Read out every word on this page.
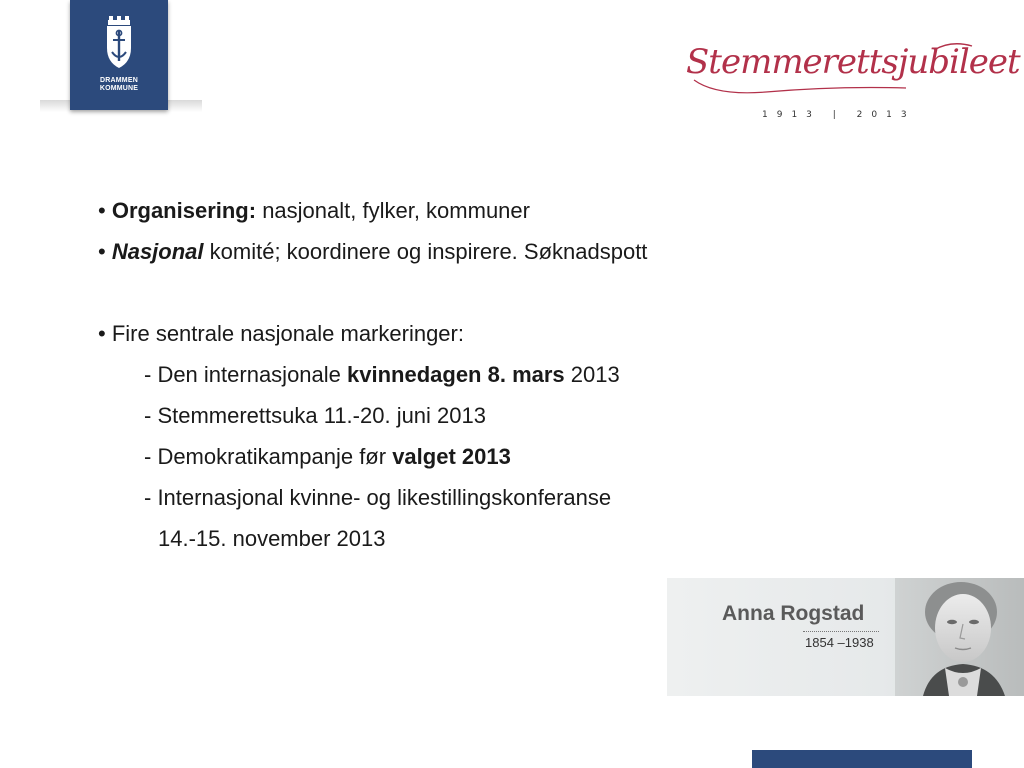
DRAMMEN
KOMMUNE
Stemmerettsjubileet
1913 | 2013
• Organisering: nasjonalt, fylker, kommuner
• Nasjonal komité; koordinere og inspirere. Søknadspott
• Fire sentrale nasjonale markeringer:
- Den internasjonale kvinnedagen 8. mars 2013
- Stemmerettsuka 11.-20. juni 2013
- Demokratikampanje før valget 2013
- Internasjonal kvinne- og likestillingskonferanse
14.-15. november 2013
Anna Rogstad
1854 –1938
